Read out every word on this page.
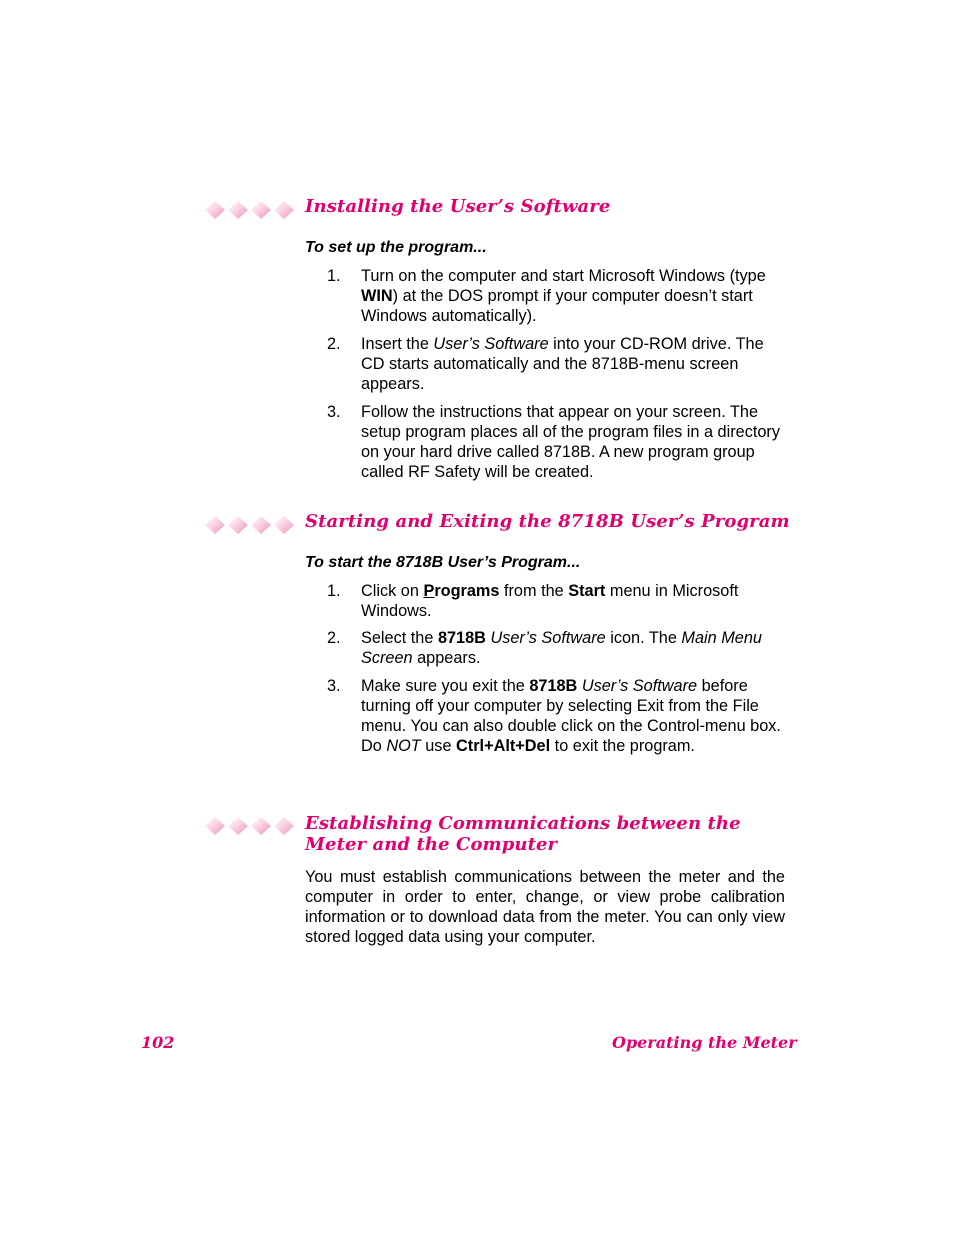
Installing the User’s Software
To set up the program...
1. Turn on the computer and start Microsoft Windows (type WIN) at the DOS prompt if your computer doesn’t start Windows automatically).
2. Insert the User’s Software into your CD-ROM drive. The CD starts automatically and the 8718B-menu screen appears.
3. Follow the instructions that appear on your screen. The setup program places all of the program files in a directory on your hard drive called 8718B. A new program group called RF Safety will be created.
Starting and Exiting the 8718B User’s Program
To start the 8718B User’s Program...
1. Click on Programs from the Start menu in Microsoft Windows.
2. Select the 8718B User’s Software icon. The Main Menu Screen appears.
3. Make sure you exit the 8718B User’s Software before turning off your computer by selecting Exit from the File menu. You can also double click on the Control-menu box. Do NOT use Ctrl+Alt+Del to exit the program.
Establishing Communications between the
Meter and the Computer
You must establish communications between the meter and the computer in order to enter, change, or view probe calibration information or to download data from the meter. You can only view stored logged data using your computer.
102	Operating the Meter
